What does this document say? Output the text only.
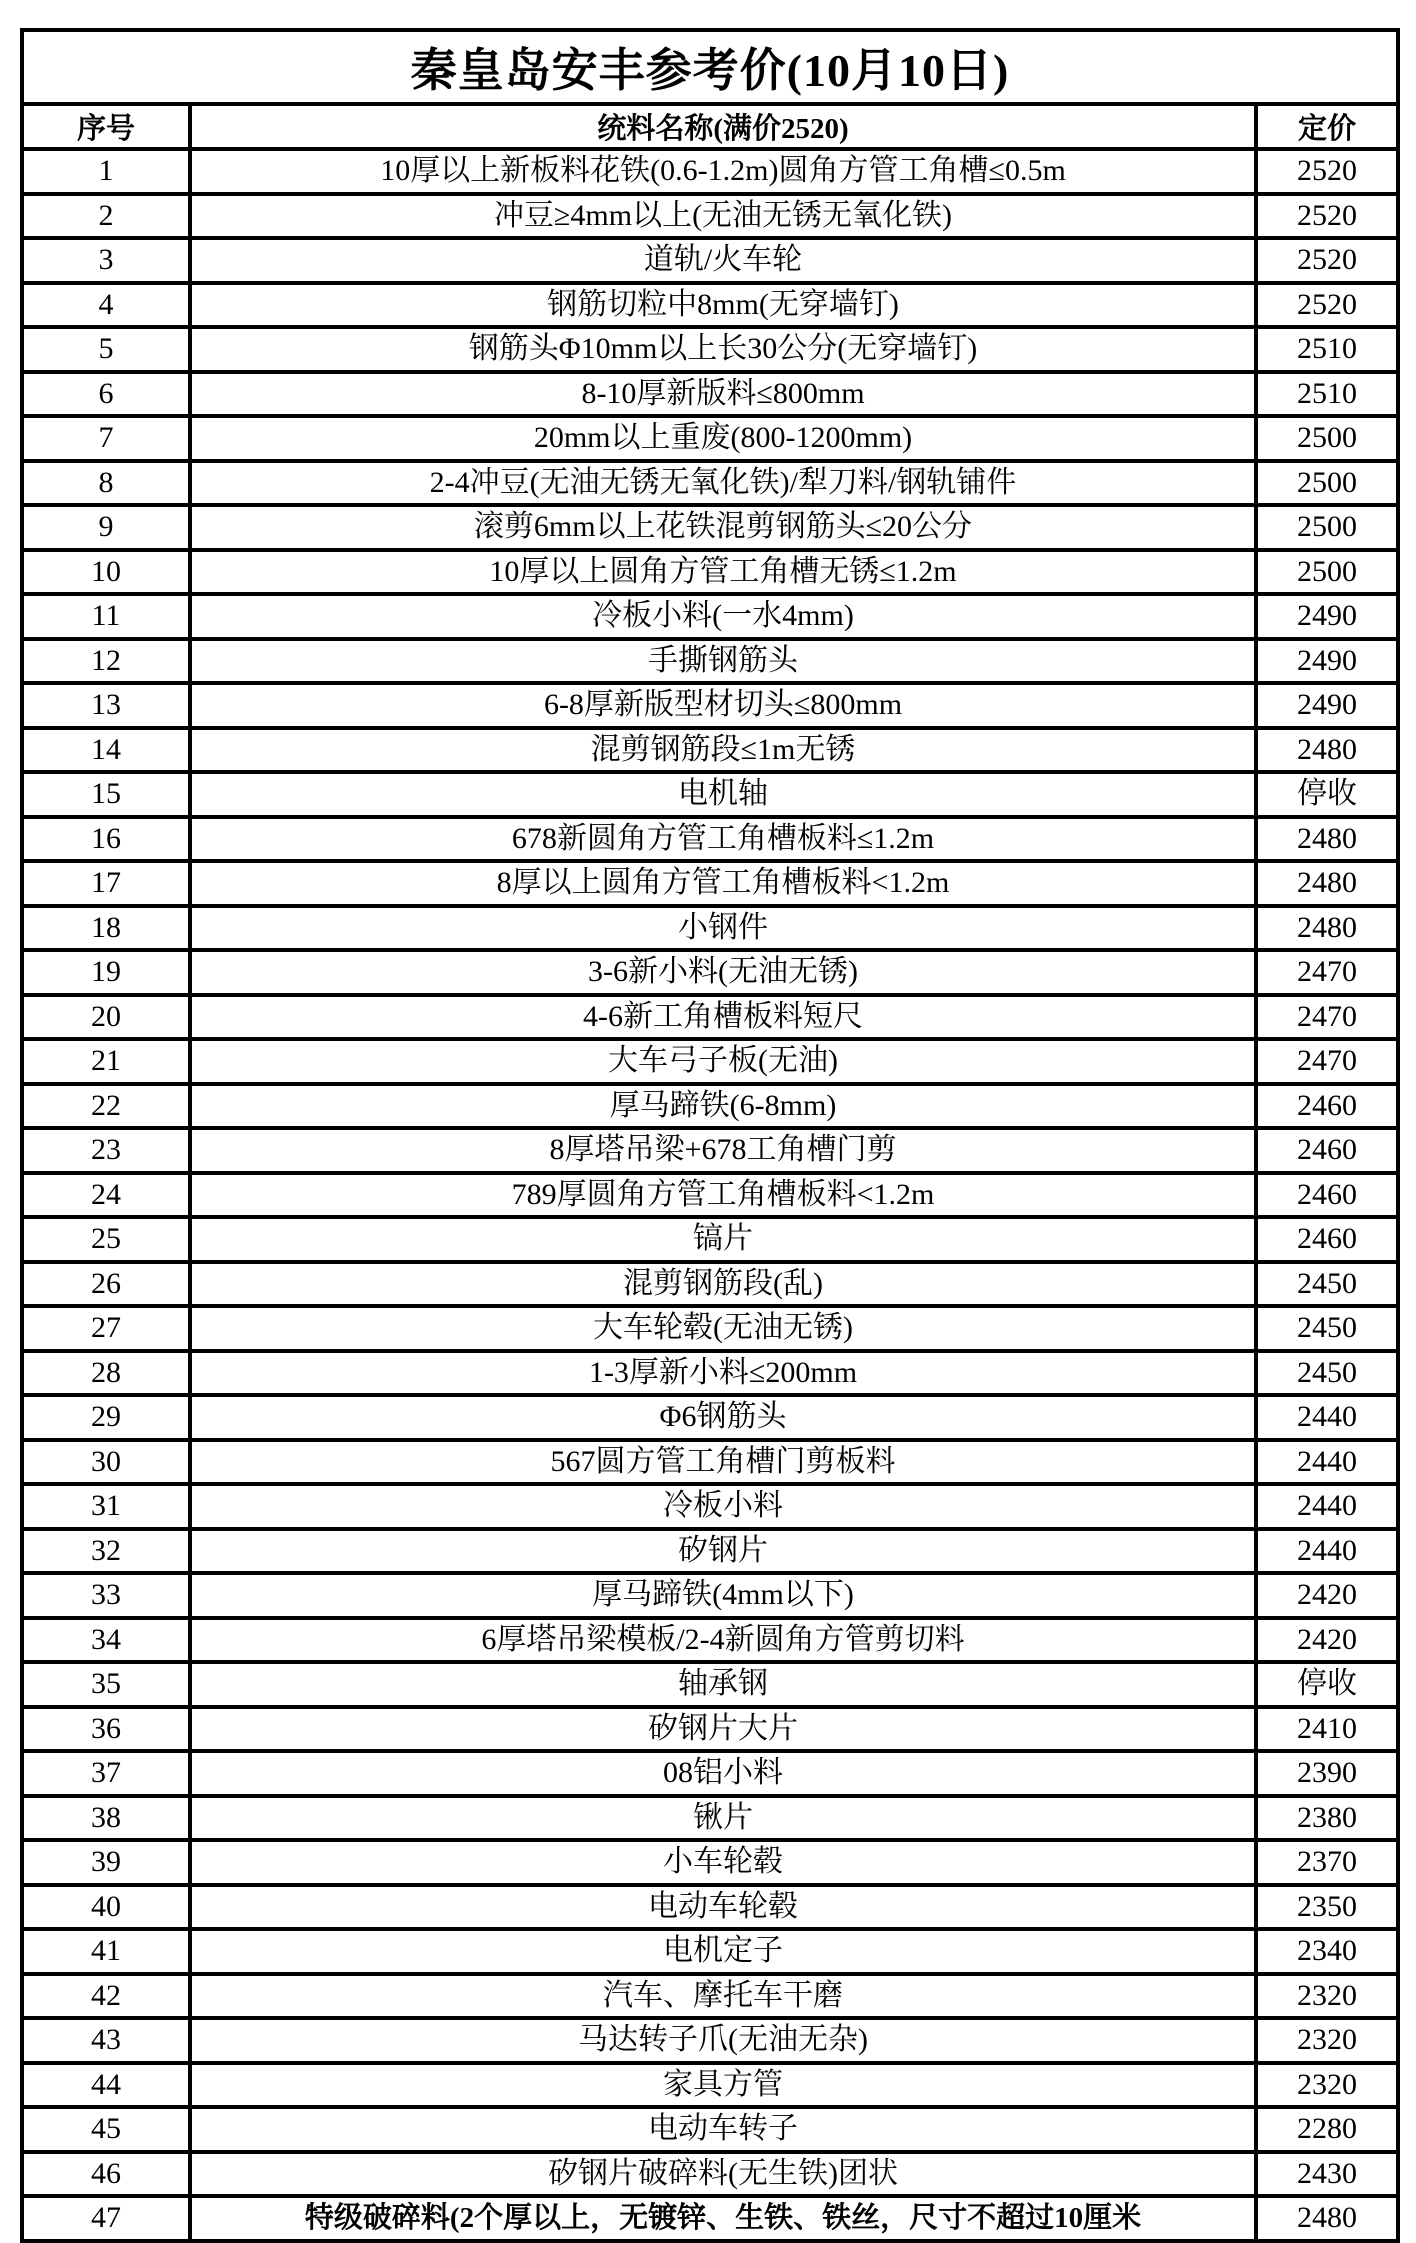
秦皇岛安丰参考价(10月10日)		
序号	统料名称(满价2520)	定价
1	10厚以上新板料花铁(0.6-1.2m)圆角方管工角槽≤0.5m	2520
2	冲豆≥4mm以上(无油无锈无氧化铁)	2520
3	道轨/火车轮	2520
4	钢筋切粒中8mm(无穿墙钉)	2520
5	钢筋头Φ10mm以上长30公分(无穿墙钉)	2510
6	8-10厚新版料≤800mm	2510
7	20mm以上重废(800-1200mm)	2500
8	2-4冲豆(无油无锈无氧化铁)/犁刀料/钢轨铺件	2500
9	滚剪6mm以上花铁混剪钢筋头≤20公分	2500
10	10厚以上圆角方管工角槽无锈≤1.2m	2500
11	冷板小料(一水4mm)	2490
12	手撕钢筋头	2490
13	6-8厚新版型材切头≤800mm	2490
14	混剪钢筋段≤1m无锈	2480
15	电机轴	停收
16	678新圆角方管工角槽板料≤1.2m	2480
17	8厚以上圆角方管工角槽板料<1.2m	2480
18	小钢件	2480
19	3-6新小料(无油无锈)	2470
20	4-6新工角槽板料短尺	2470
21	大车弓子板(无油)	2470
22	厚马蹄铁(6-8mm)	2460
23	8厚塔吊梁+678工角槽门剪	2460
24	789厚圆角方管工角槽板料<1.2m	2460
25	镐片	2460
26	混剪钢筋段(乱)	2450
27	大车轮毂(无油无锈)	2450
28	1-3厚新小料≤200mm	2450
29	Φ6钢筋头	2440
30	567圆方管工角槽门剪板料	2440
31	冷板小料	2440
32	矽钢片	2440
33	厚马蹄铁(4mm以下)	2420
34	6厚塔吊梁模板/2-4新圆角方管剪切料	2420
35	轴承钢	停收
36	矽钢片大片	2410
37	08铝小料	2390
38	锹片	2380
39	小车轮毂	2370
40	电动车轮毂	2350
41	电机定子	2340
42	汽车、摩托车干磨	2320
43	马达转子爪(无油无杂)	2320
44	家具方管	2320
45	电动车转子	2280
46	矽钢片破碎料(无生铁)团状	2430
47	特级破碎料(2个厚以上，无镀锌、生铁、铁丝，尺寸不超过10厘米	2480
